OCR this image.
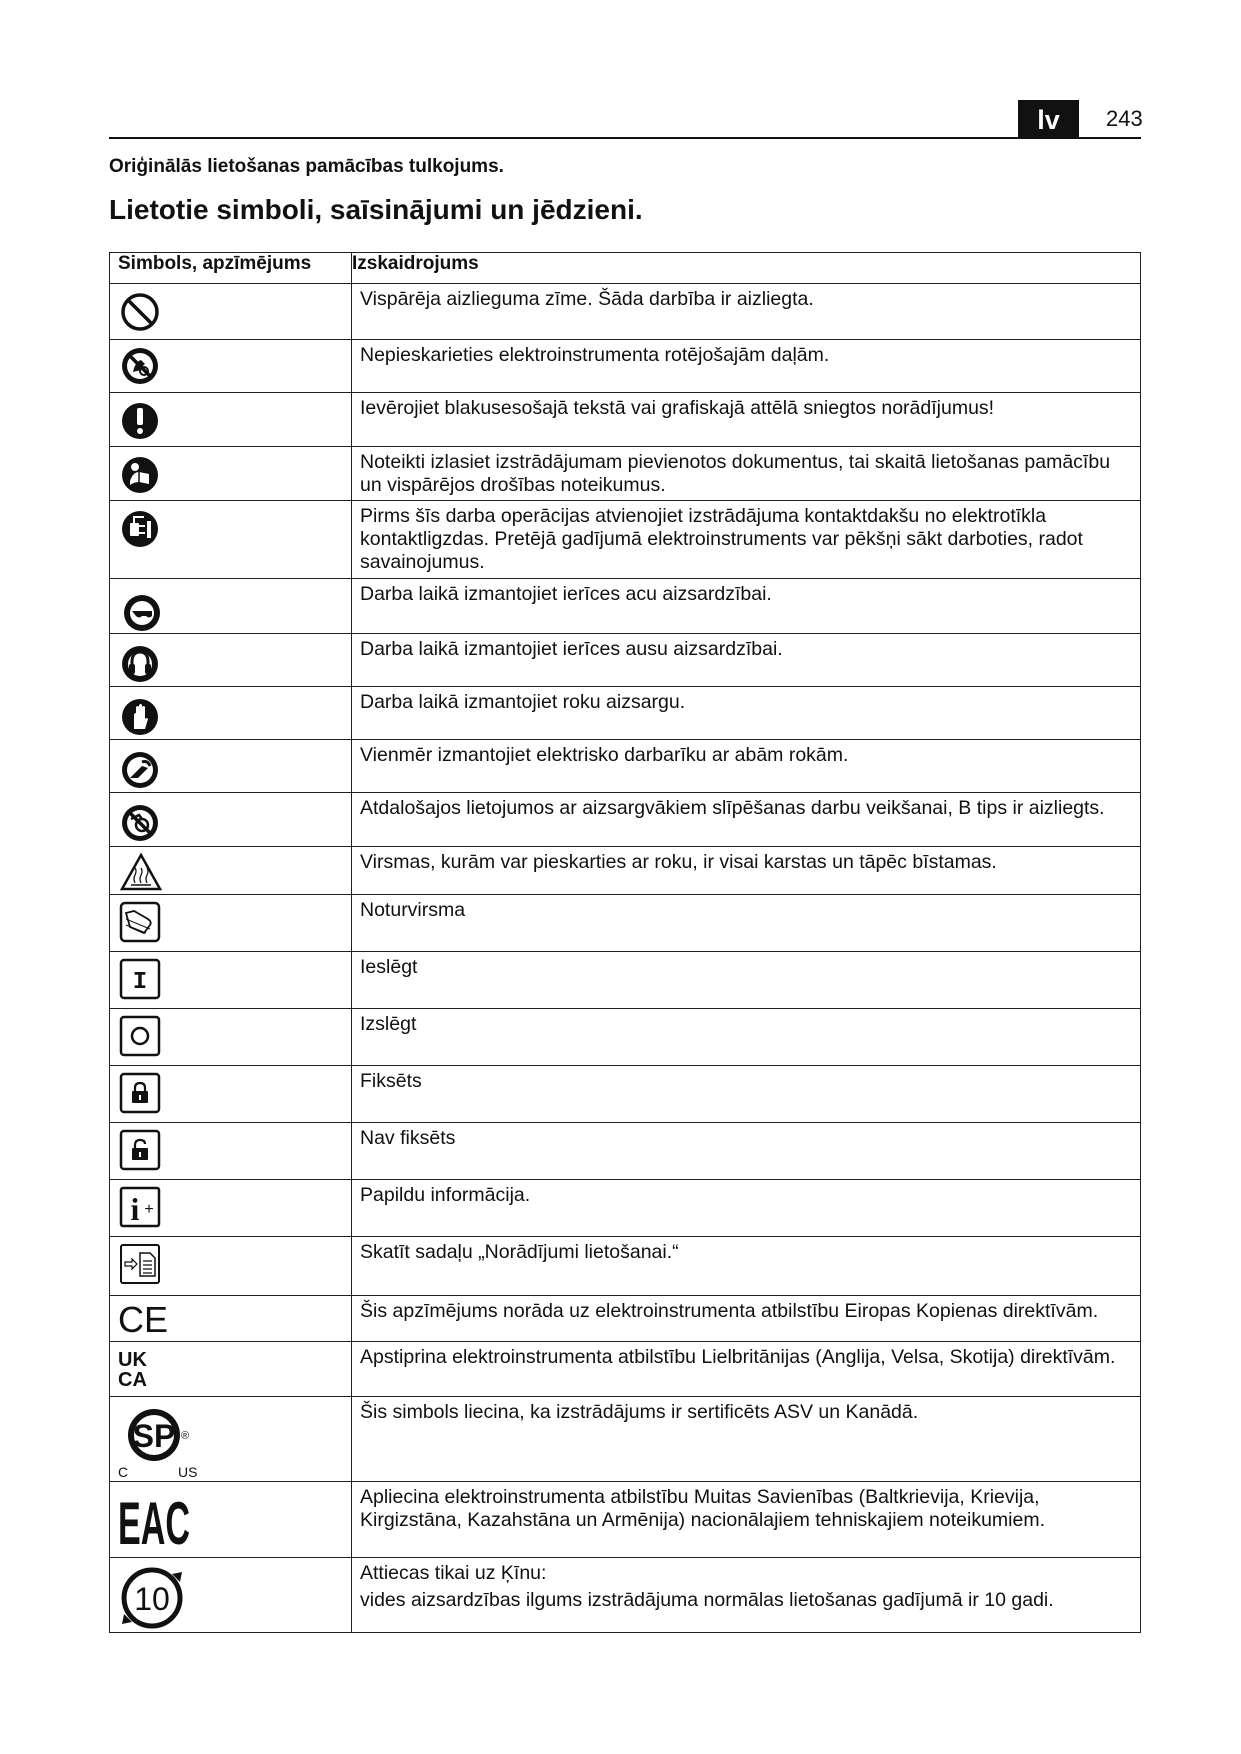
lv	243
Oriģinālās lietošanas pamācības tulkojums.
Lietotie simboli, saīsinājumi un jēdzieni.
Simbols, apzīmējums	Izskaidrojums

	Vispārēja aizlieguma zīme. Šāda darbība ir aizliegta.

	Nepieskarieties elektroinstrumenta rotējošajām daļām.

	Ievērojiet blakusesošajā tekstā vai grafiskajā attēlā sniegtos norādījumus!

	Noteikti izlasiet izstrādājumam pievienotos dokumentus, tai skaitā lietošanas pamācību un vispārējos drošības noteikumus.

	Pirms šīs darba operācijas atvienojiet izstrādājuma kontaktdakšu no elektrotīkla kontaktligzdas. Pretējā gadījumā elektroinstruments var pēkšņi sākt darboties, radot savainojumus.

	Darba laikā izmantojiet ierīces acu aizsardzībai.

	Darba laikā izmantojiet ierīces ausu aizsardzībai.

	Darba laikā izmantojiet roku aizsargu.

	Vienmēr izmantojiet elektrisko darbarīku ar abām rokām.

	Atdalošajos lietojumos ar aizsargvākiem slīpēšanas darbu veikšanai, B tips ir aizliegts.

	Virsmas, kurām var pieskarties ar roku, ir visai karstas un tāpēc bīstamas.

	Noturvirsma

I	Ieslēgt

	Izslēgt

	Fiksēts

	Nav fiksēts

i +	Papildu informācija.

	Skatīt sadaļu „Norādījumi lietošanai.“

CE	Šis apzīmējums norāda uz elektroinstrumenta atbilstību Eiropas Kopienas direktīvām.

UK
CA	Apstiprina elektroinstrumenta atbilstību Lielbritānijas (Anglija, Velsa, Skotija) direktīvām.

SP
C US
®	Šis simbols liecina, ka izstrādājums ir sertificēts ASV un Kanādā.

EAC	Apliecina elektroinstrumenta atbilstību Muitas Savienības (Baltkrievija, Krievija, Kirgizstāna, Kazahstāna un Armēnija) nacionālajiem tehniskajiem noteikumiem.

10	Attiecas tikai uz Ķīnu:
vides aizsardzības ilgums izstrādājuma normālas lietošanas gadījumā ir 10 gadi.
